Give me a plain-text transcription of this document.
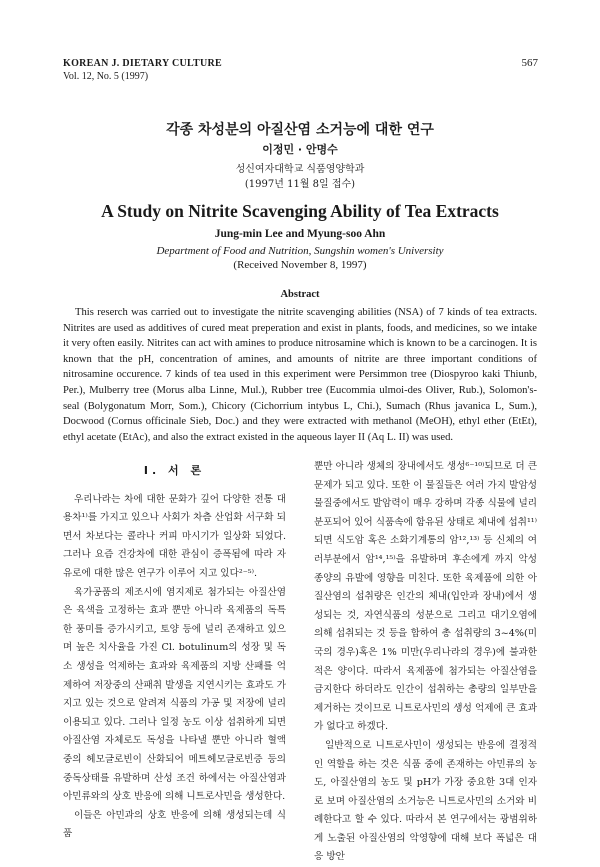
KOREAN J. DIETARY CULTURE
Vol. 12, No. 5 (1997)
567
각종 차성분의 아질산염 소거능에 대한 연구
이정민 · 안명수
성신여자대학교 식품영양학과
(1997년 11월 8일 접수)
A Study on Nitrite Scavenging Ability of Tea Extracts
Jung-min Lee and Myung-soo Ahn
Department of Food and Nutrition, Sungshin women's University
(Received November 8, 1997)
Abstract

This reserch was carried out to investigate the nitrite scavenging abilities (NSA) of 7 kinds of tea extracts. Nitrites are used as additives of cured meat preperation and exist in plants, foods, and medicines, so we intake it very often easily. Nitrites can act with amines to produce nitrosamine which is known to be a carcinogen. It is known that the pH, concentration of amines, and amounts of nitrite are three important conditions of nitrosamine occurence. 7 kinds of tea used in this experiment were Persimmon tree (Diospyroo kaki Thiunb, Per.), Mulberry tree (Morus alba Linne, Mul.), Rubber tree (Eucommia ulmoi-des Oliver, Rub.), Solomon's-seal (Bolygonatum Morr, Som.), Chicory (Cichorrium intybus L, Chi.), Sumach (Rhus javanica L, Sum.), Docwood (Cornus officinale Sieb, Doc.) and they were extracted with methanol (MeOH), ethyl ether (EtEt), ethyl acetate (EtAc), and also the extract existed in the aqueous layer II (Aq L. II) was used.

I. 서 론

우리나라는 차에 대한 문화가 깊어 다양한 전통 대용차¹⁾를 가지고 있으나 사회가 차츰 산업화 서구화 되면서 차보다는 콜라나 커피 마시기가 일상화 되었다. 그러나 요즘 건강차에 대한 관심이 증폭됨에 따라 자유로에 대한 많은 연구가 이루어 지고 있다²⁻⁵⁾.

육가공품의 제조시에 염지제로 첨가되는 아질산염은 육색을 고정하는 효과 뿐만 아니라 육제품의 독특한 풍미를 증가시키고, 토양 등에 널리 존재하고 있으며 높은 치사율을 가진 Cl. botulinum의 성장 및 독소 생성을 억제하는 효과와 육제품의 지방 산패를 억제하여 저장중의 산패취 발생을 지연시키는 효과도 가지고 있는 것으로 알려져 식품의 가공 및 저장에 널리 이용되고 있다. 그러나 일정 농도 이상 섭취하게 되면 아질산염 자체로도 독성을 나타낼 뿐만 아니라 혈액 중의 헤모글로빈이 산화되어 메트헤모글로빈증 등의 중독상태를 유발하며 산성 조건 하에서는 아질산염과 아민류와의 상호 반응에 의해 니트로사민을 생성한다.

이들은 아민과의 상호 반응에 의해 생성되는데 식품

뿐만 아니라 생체의 장내에서도 생성⁶⁻¹⁰⁾되므로 더 큰 문제가 되고 있다. 또한 이 물질들은 여러 가지 발암성물질중에서도 발암력이 매우 강하며 각종 식물에 널리 분포되어 있어 식품속에 함유된 상태로 체내에 섭취¹¹⁾되면 식도암 혹은 소화기계통의 암¹²,¹³⁾ 등 신체의 여러부분에서 암¹⁴,¹⁵⁾을 유발하며 후손에게 까지 악성 종양의 유발에 영향을 미친다. 또한 육제품에 의한 아질산염의 섭취량은 인간의 체내(입안과 장내)에서 생성되는 것, 자연식품의 성분으로 그리고 대기오염에 의해 섭취되는 것 등을 합하여 총 섭취량의 3~4%(미국의 경우)혹은 1% 미만(우리나라의 경우)에 불과한 적은 양이다. 따라서 육제품에 첨가되는 아질산염을 금지한다 하더라도 인간이 섭취하는 총량의 일부만을 제거하는 것이므로 니트로사민의 생성 억제에 큰 효과가 없다고 하겠다.

일반적으로 니트로사민이 생성되는 반응에 결정적인 역할을 하는 것은 식품 중에 존재하는 아민류의 농도, 아질산염의 농도 및 pH가 가장 중요한 3대 인자로 보며 아질산염의 소거능은 니트로사민의 소거와 비례한다고 할 수 있다. 따라서 본 연구에서는 광범위하게 노출된 아질산염의 악영향에 대해 보다 폭넓은 대응 방안
